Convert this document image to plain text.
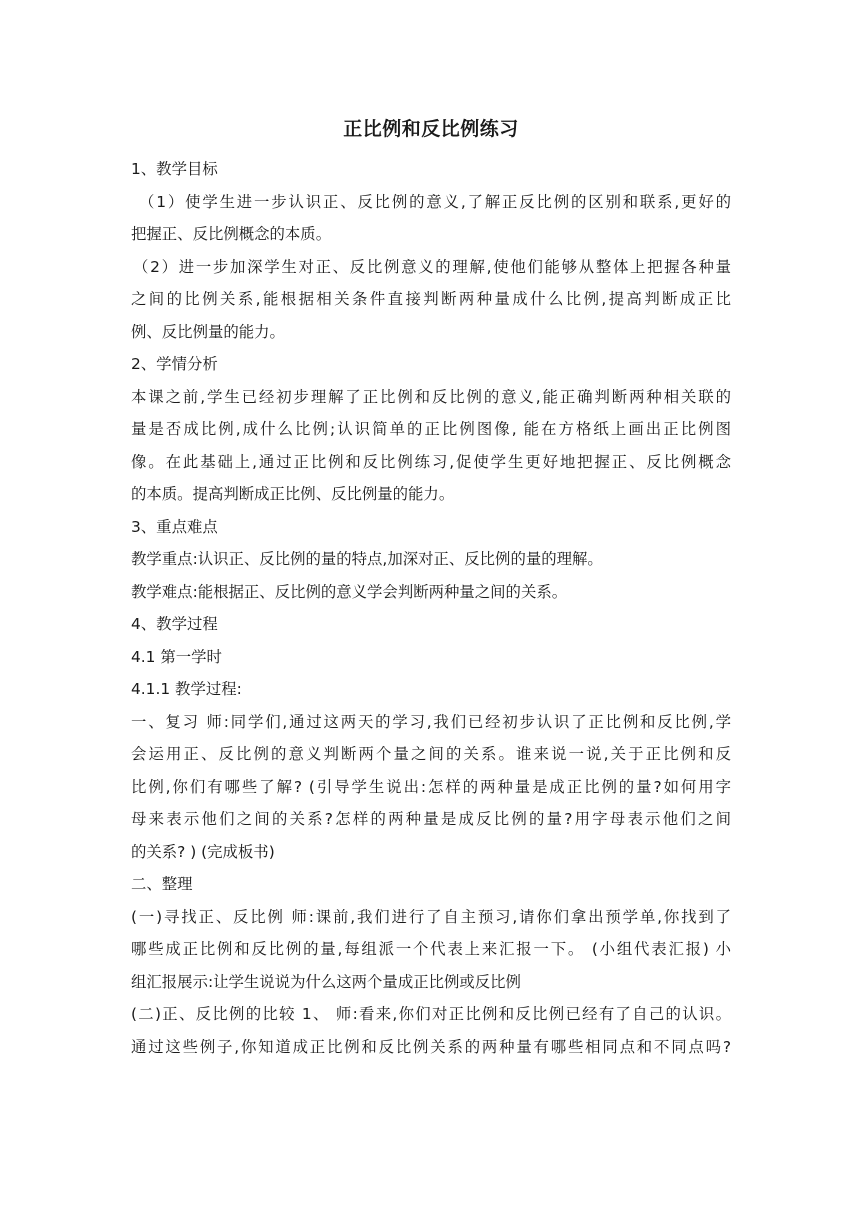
正比例和反比例练习
1、教学目标
（1）使学生进一步认识正、反比例的意义,了解正反比例的区别和联系,更好的
把握正、反比例概念的本质。
（2）进一步加深学生对正、反比例意义的理解,使他们能够从整体上把握各种量
之间的比例关系,能根据相关条件直接判断两种量成什么比例,提高判断成正比
例、反比例量的能力。
2、学情分析
本课之前,学生已经初步理解了正比例和反比例的意义,能正确判断两种相关联的
量是否成比例,成什么比例;认识简单的正比例图像, 能在方格纸上画出正比例图
像。在此基础上,通过正比例和反比例练习,促使学生更好地把握正、反比例概念
的本质。提高判断成正比例、反比例量的能力。
3、重点难点
教学重点:认识正、反比例的量的特点,加深对正、反比例的量的理解。
教学难点:能根据正、反比例的意义学会判断两种量之间的关系。
4、教学过程
4.1 第一学时
4.1.1 教学过程:
一、复习 师:同学们,通过这两天的学习,我们已经初步认识了正比例和反比例,学
会运用正、反比例的意义判断两个量之间的关系。谁来说一说,关于正比例和反
比例,你们有哪些了解? (引导学生说出:怎样的两种量是成正比例的量?如何用字
母来表示他们之间的关系?怎样的两种量是成反比例的量?用字母表示他们之间
的关系? ) (完成板书)
二、整理
(一)寻找正、反比例 师:课前,我们进行了自主预习,请你们拿出预学单,你找到了
哪些成正比例和反比例的量,每组派一个代表上来汇报一下。 (小组代表汇报) 小
组汇报展示:让学生说说为什么这两个量成正比例或反比例
(二)正、反比例的比较 1、 师:看来,你们对正比例和反比例已经有了自己的认识。
通过这些例子,你知道成正比例和反比例关系的两种量有哪些相同点和不同点吗?
